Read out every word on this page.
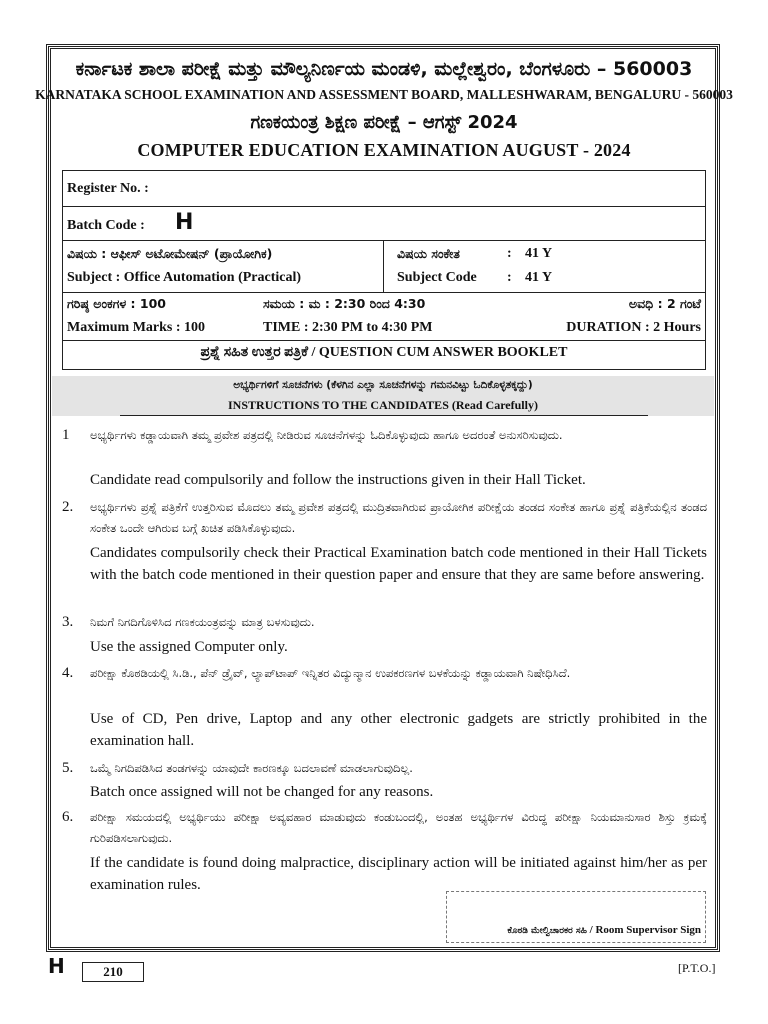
ಕರ್ನಾಟಕ ಶಾಲಾ ಪರೀಕ್ಷೆ ಮತ್ತು ಮೌಲ್ಯನಿರ್ಣಯ ಮಂಡಳಿ, ಮಲ್ಲೇಶ್ವರಂ, ಬೆಂಗಳೂರು – 560003
KARNATAKA SCHOOL EXAMINATION AND ASSESSMENT BOARD, MALLESHWARAM, BENGALURU - 560003
ಗಣಕಯಂತ್ರ ಶಿಕ್ಷಣ ಪರೀಕ್ಷೆ – ಆಗಸ್ಟ್ 2024
COMPUTER EDUCATION EXAMINATION AUGUST - 2024
Register No. :
Batch Code : H
ವಿಷಯ : ಆಫೀಸ್ ಅಟೋಮೇಷನ್ (ಪ್ರಾಯೋಗಿಕ)
Subject : Office Automation (Practical)
ವಿಷಯ ಸಂಕೇತ	: 41 Y
Subject Code : 41 Y
ಗರಿಷ್ಠ ಅಂಕಗಳ : 100	ಸಮಯ : ಮ : 2:30 ರಿಂದ 4:30	ಅವಧಿ : 2 ಗಂಟೆ
Maximum Marks : 100	TIME : 2:30 PM to 4:30 PM	DURATION : 2 Hours
ಪ್ರಶ್ನೆ ಸಹಿತ ಉತ್ತರ ಪತ್ರಿಕೆ / QUESTION CUM ANSWER BOOKLET
ಅಭ್ಯರ್ಥಿಗಳಿಗೆ ಸೂಚನೆಗಳು (ಕೆಳಗಿನ ಎಲ್ಲಾ ಸೂಚನೆಗಳನ್ನು ಗಮನವಿಟ್ಟು ಓದಿಕೊಳ್ಳತಕ್ಕದ್ದು)
INSTRUCTIONS TO THE CANDIDATES (Read Carefully)
1 ಅಭ್ಯರ್ಥಿಗಳು ಕಡ್ಡಾಯವಾಗಿ ತಮ್ಮ ಪ್ರವೇಶ ಪತ್ರದಲ್ಲಿ ನೀಡಿರುವ ಸೂಚನೆಗಳನ್ನು ಓದಿಕೊಳ್ಳುವುದು ಹಾಗೂ ಅದರಂತೆ ಅನುಸರಿಸುವುದು.
Candidate read compulsorily and follow the instructions given in their Hall Ticket.
2. ಅಭ್ಯರ್ಥಿಗಳು ಪ್ರಶ್ನೆ ಪತ್ರಿಕೆಗೆ ಉತ್ತರಿಸುವ ಮೊದಲು ತಮ್ಮ ಪ್ರವೇಶ ಪತ್ರದಲ್ಲಿ ಮುದ್ರಿತವಾಗಿರುವ ಪ್ರಾಯೋಗಿಕ ಪರೀಕ್ಷೆಯ ತಂಡದ ಸಂಕೇತ ಹಾಗೂ ಪ್ರಶ್ನೆ ಪತ್ರಿಕೆಯಲ್ಲಿನ ತಂಡದ ಸಂಕೇತ ಒಂದೇ ಆಗಿರುವ ಬಗ್ಗೆ ಖಚಿತ ಪಡಿಸಿಕೊಳ್ಳುವುದು.
Candidates compulsorily check their Practical Examination batch code mentioned in their Hall Tickets with the batch code mentioned in their question paper and ensure that they are same before answering.
3. ನಿಮಗೆ ನಿಗದಿಗೊಳಿಸಿದ ಗಣಕಯಂತ್ರವನ್ನು ಮಾತ್ರ ಬಳಸುವುದು.
Use the assigned Computer only.
4. ಪರೀಕ್ಷಾ ಕೊಠಡಿಯಲ್ಲಿ ಸಿ.ಡಿ., ಪೆನ್ ಡ್ರೈವ್, ಲ್ಯಾಪ್‌ಟಾಪ್ ಇನ್ನಿತರ ವಿದ್ಯುನ್ಮಾನ ಉಪಕರಣಗಳ ಬಳಕೆಯನ್ನು ಕಡ್ಡಾಯವಾಗಿ ನಿಷೇಧಿಸಿದೆ.
Use of CD, Pen drive, Laptop and any other electronic gadgets are strictly prohibited in the examination hall.
5. ಒಮ್ಮೆ ನಿಗದಿಪಡಿಸಿದ ತಂಡಗಳನ್ನು ಯಾವುದೇ ಕಾರಣಕ್ಕೂ ಬದಲಾವಣೆ ಮಾಡಲಾಗುವುದಿಲ್ಲ.
Batch once assigned will not be changed for any reasons.
6. ಪರೀಕ್ಷಾ ಸಮಯದಲ್ಲಿ ಅಭ್ಯರ್ಥಿಯು ಪರೀಕ್ಷಾ ಅವ್ಯವಹಾರ ಮಾಡುವುದು ಕಂಡುಬಂದಲ್ಲಿ, ಅಂತಹ ಅಭ್ಯರ್ಥಿಗಳ ವಿರುದ್ಧ ಪರೀಕ್ಷಾ ನಿಯಮಾನುಸಾರ ಶಿಸ್ತು ಕ್ರಮಕ್ಕೆ ಗುರಿಪಡಿಸಲಾಗುವುದು.
If the candidate is found doing malpractice, disciplinary action will be initiated against him/her as per examination rules.
ಕೊಠಡಿ ಮೇಲ್ವಿಚಾರಕರ ಸಹಿ / Room Supervisor Sign
H	210	[P.T.O.]
